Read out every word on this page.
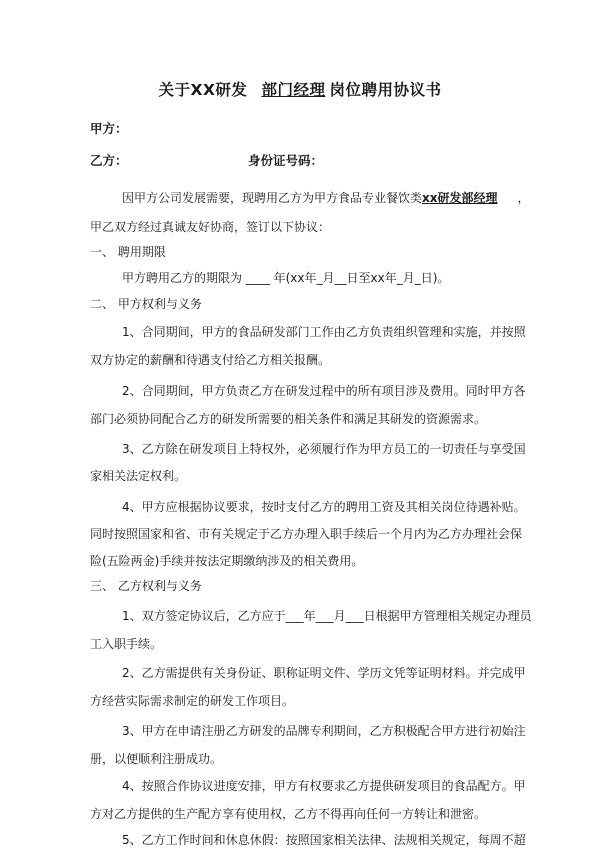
关于XX研发 部门经理 岗位聘用协议书
甲方：
乙方：	身份证号码：
因甲方公司发展需要，现聘用乙方为甲方食品专业餐饮类xx研发部经理 ，
甲乙双方经过真诚友好协商，签订以下协议：
一、 聘用期限
甲方聘用乙方的期限为 ____ 年(xx年_月__日至xx年_月_日)。
二、 甲方权利与义务
1、合同期间，甲方的食品研发部门工作由乙方负责组织管理和实施，并按照
双方协定的薪酬和待遇支付给乙方相关报酬。
2、合同期间，甲方负责乙方在研发过程中的所有项目涉及费用。同时甲方各
部门必须协同配合乙方的研发所需要的相关条件和满足其研发的资源需求。
3、乙方除在研发项目上特权外，必须履行作为甲方员工的一切责任与享受国
家相关法定权利。
4、甲方应根据协议要求，按时支付乙方的聘用工资及其相关岗位待遇补贴。
同时按照国家和省、市有关规定于乙方办理入职手续后一个月内为乙方办理社会保
险(五险两金)手续并按法定期缴纳涉及的相关费用。
三、 乙方权利与义务
1、双方签定协议后，乙方应于___年___月___日根据甲方管理相关规定办理员
工入职手续。
2、乙方需提供有关身份证、职称证明文件、学历文凭等证明材料。并完成甲
方经营实际需求制定的研发工作项目。
3、甲方在申请注册乙方研发的品牌专利期间，乙方积极配合甲方进行初始注
册，以便顺利注册成功。
4、按照合作协议进度安排，甲方有权要求乙方提供研发项目的食品配方。甲
方对乙方提供的生产配方享有使用权，乙方不得再向任何一方转让和泄密。
5、乙方工作时间和休息休假：按照国家相关法律、法规相关规定，每周不超
